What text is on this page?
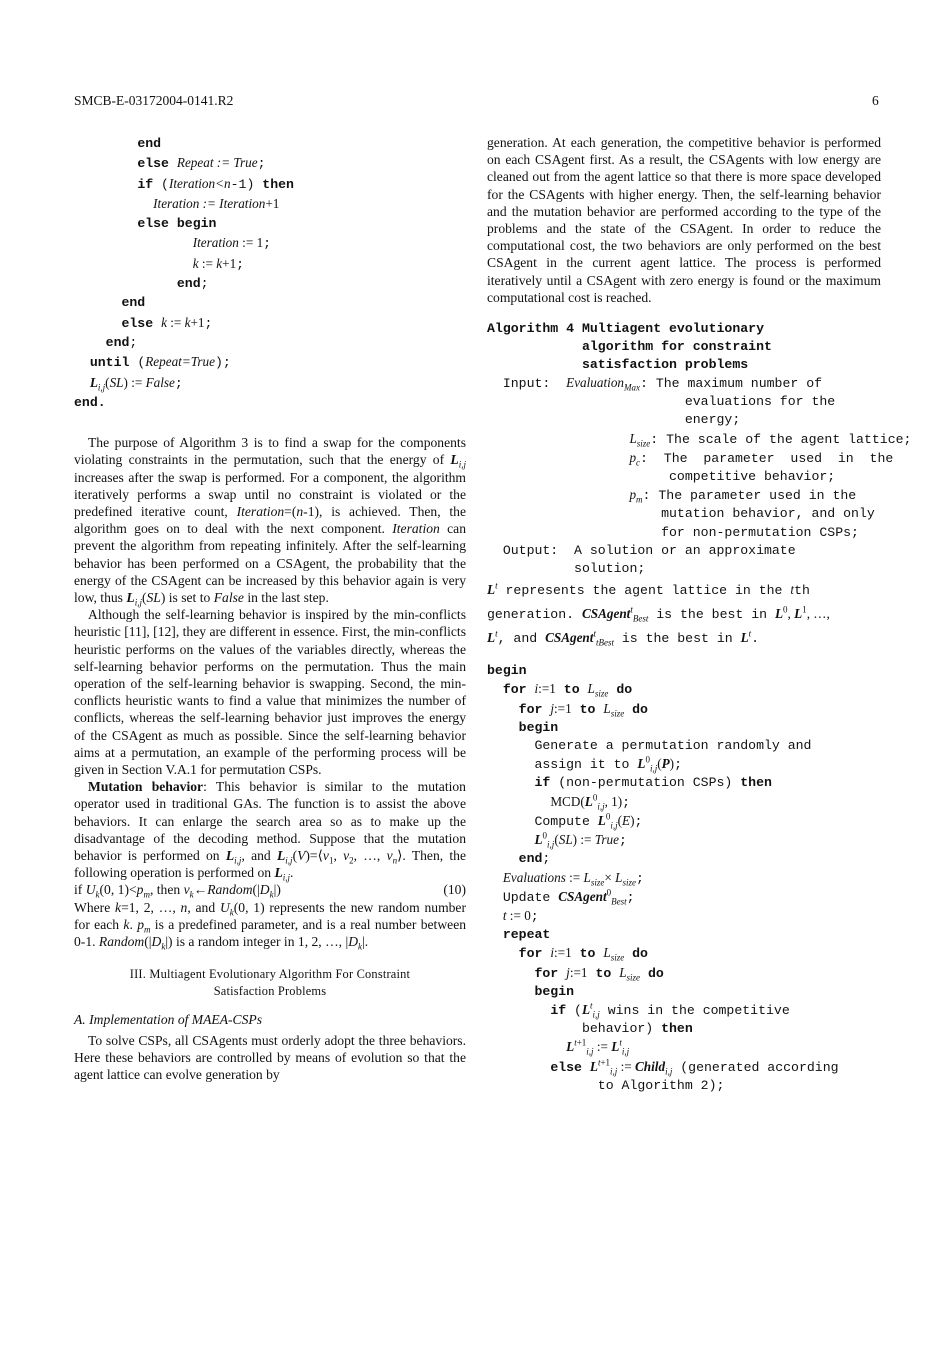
SMCB-E-03172004-0141.R2	6
end
else Repeat := True;
if (Iteration<n-1) then
Iteration := Iteration+1
else begin
Iteration := 1;
k := k+1;
end;
end
else k := k+1;
end;
until (Repeat=True);
$L_{i,j}(SL)$ := False;
end.

The purpose of Algorithm 3 is to find a swap for the components violating constraints in the permutation, such that the energy of $L_{i,j}$ increases after the swap is performed. For a component, the algorithm iteratively performs a swap until no constraint is violated or the predefined iterative count, Iteration=(n-1), is achieved. Then, the algorithm goes on to deal with the next component. Iteration can prevent the algorithm from repeating infinitely. After the self-learning behavior has been performed on a CSAgent, the probability that the energy of the CSAgent can be increased by this behavior again is very low, thus $L_{i,j}(SL)$ is set to False in the last step.

Although the self-learning behavior is inspired by the min-conflicts heuristic [11], [12], they are different in essence. First, the min-conflicts heuristic performs on the values of the variables directly, whereas the self-learning behavior performs on the permutation. Thus the main operation of the self-learning behavior is swapping. Second, the min-conflicts heuristic wants to find a value that minimizes the number of conflicts, whereas the self-learning behavior just improves the energy of the CSAgent as much as possible. Since the self-learning behavior aims at a permutation, an example of the performing process will be given in Section V.A.1 for permutation CSPs.

Mutation behavior: This behavior is similar to the mutation operator used in traditional GAs. The function is to assist the above behaviors. It can enlarge the search area so as to make up the disadvantage of the decoding method. Suppose that the mutation behavior is performed on $L_{i,j}$, and $L_{i,j}(V)=⟨v_1$, $v_2$, …, $v_n⟩$. Then, the following operation is performed on $L_{i,j}$.

if $U_k(0$, $1)<p_m$, then $v_k\leftarrow Random(|D_k|)$	(10)

Where k=1, 2, …, n, and $U_k(0$, 1) represents the new random number for each k. $p_m$ is a predefined parameter, and is a real number between 0-1. $Random(|D_k|)$ is a random integer in 1, 2, …, $|D_k|$.

III. Multiagent Evolutionary Algorithm For Constraint
Satisfaction Problems
A. Implementation of MAEA-CSPs

To solve CSPs, all CSAgents must orderly adopt the three behaviors. Here these behaviors are controlled by means of evolution so that the agent lattice can evolve generation by

generation. At each generation, the competitive behavior is performed on each CSAgent first. As a result, the CSAgents with low energy are cleaned out from the agent lattice so that there is more space developed for the CSAgents with higher energy. Then, the self-learning behavior and the mutation behavior are performed according to the type of the problems and the state of the CSAgent. In order to reduce the computational cost, the two behaviors are only performed on the best CSAgent in the current agent lattice. The process is performed iteratively until a CSAgent with zero energy is found or the maximum computational cost is reached.

Algorithm 4 Multiagent evolutionary
algorithm for constraint
satisfaction problems
Input:  Evaluation$_{Max}$: The maximum number of
evaluations for the
energy;
$L_{size}$: The scale of the agent lattice;
$p_c$:  The  parameter  used  in  the
competitive behavior;
$p_m$: The parameter used in the
mutation behavior, and only
for non-permutation CSPs;
Output:  A solution or an approximate
solution;
$L^t$ represents the agent lattice in the tth
generation. CSAgent$^t_{Best}$ is the best in $L^0$, $L^1$, …,
$L^t$, and CSAgent$^t_{tBest}$ is the best in $L^t$.
begin
for i:=1 to $L_{size}$ do
for j:=1 to $L_{size}$ do
begin
Generate a permutation randomly and
assign it to $L^0_{i,j}(P)$;
if (non-permutation CSPs) then
$MCD(L^0_{i,j}$, 1);
Compute $L^0_{i,j}(E)$;
$L^0_{i,j}(SL)$ := True;
end;
Evaluations := $L_{size}\times L_{size}$;
Update CSAgent$^0_{Best}$;
t := 0;
repeat
for i:=1 to $L_{size}$ do
for j:=1 to $L_{size}$ do
begin
if ($L^t_{i,j}$ wins in the competitive
behavior) then
$L^{t+1}_{i,j}$ := $L^t_{i,j}$
else $L^{t+1}_{i,j}$ := Child$_{i,j}$ (generated according
to Algorithm 2);
